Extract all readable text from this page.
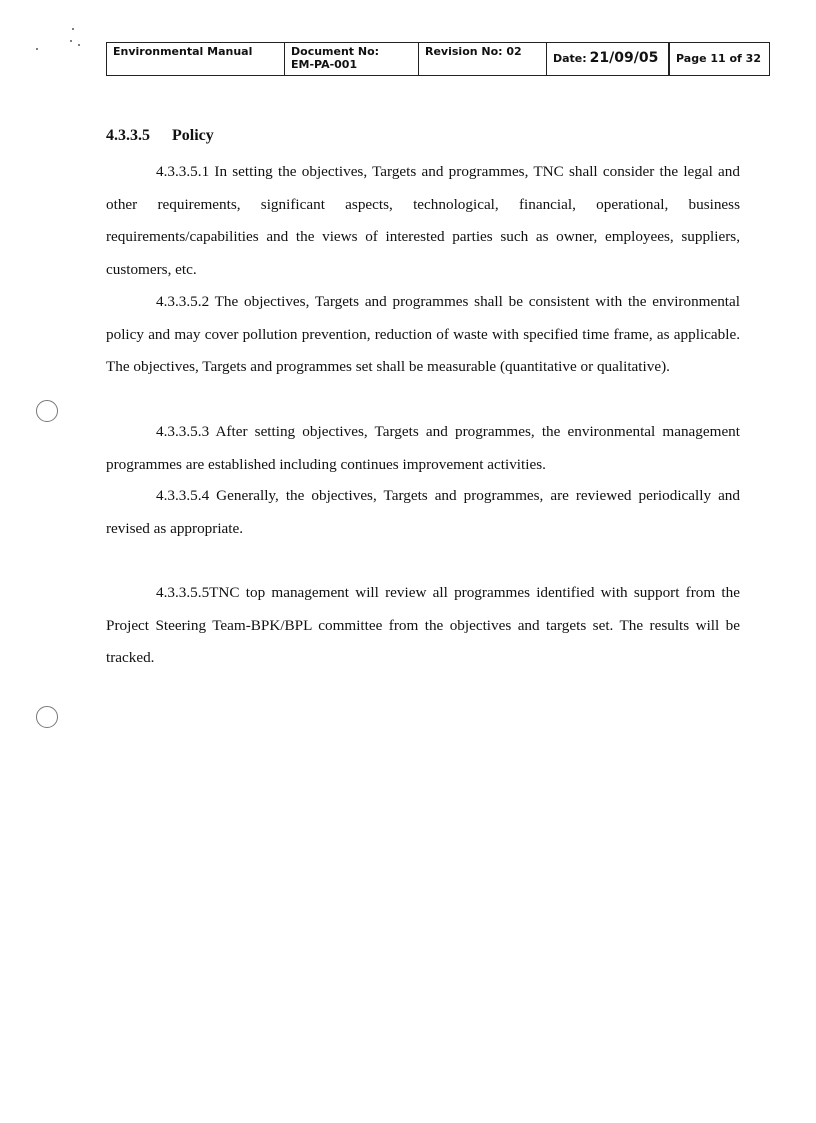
Environmental Manual	Document No:
EM-PA-001
Revision No: 02	Date: 21/09/05 Page 11 of 32
4.3.3.5 Policy

4.3.3.5.1 In setting the objectives, Targets and programmes, TNC shall consider the legal and other requirements, significant aspects, technological, financial, operational, business requirements/capabilities and the views of interested parties such as owner, employees, suppliers, customers, etc.

4.3.3.5.2 The objectives, Targets and programmes shall be consistent with the environmental policy and may cover pollution prevention, reduction of waste with specified time frame, as applicable. The objectives, Targets and programmes set shall be measurable (quantitative or qualitative).

4.3.3.5.3 After setting objectives, Targets and programmes, the environmental management programmes are established including continues improvement activities.

4.3.3.5.4 Generally, the objectives, Targets and programmes, are reviewed periodically and revised as appropriate.

4.3.3.5.5TNC top management will review all programmes identified with support from the Project Steering Team-BPK/BPL committee from the objectives and targets set. The results will be tracked.
